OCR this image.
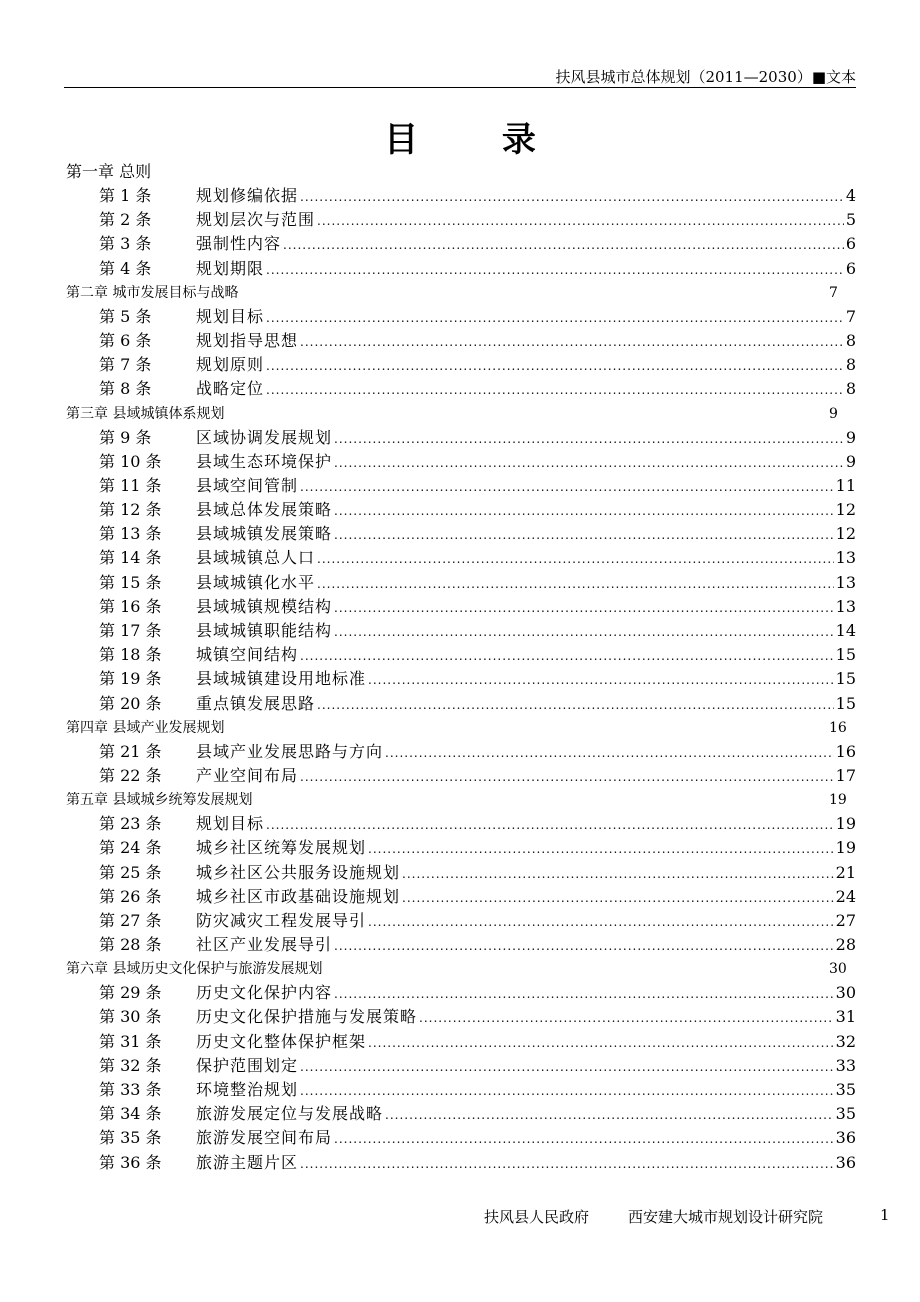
扶风县城市总体规划（2011—2030）■文本
目 录
第一章 总则
第 1 条	规划修编依据 .....	4
第 2 条	规划层次与范围 .....	5
第 3 条	强制性内容 .....	6
第 4 条	规划期限 .....	6
第二章 城市发展目标与战略	7
第 5 条	规划目标 .....	7
第 6 条	规划指导思想 .....	8
第 7 条	规划原则 .....	8
第 8 条	战略定位 .....	8
第三章 县域城镇体系规划	9
第 9 条	区域协调发展规划 .....	9
第 10 条 县域生态环境保护 .....	9
第 11 条 县域空间管制 .....	11
第 12 条 县域总体发展策略 .....	12
第 13 条 县域城镇发展策略 .....	12
第 14 条 县域城镇总人口 .....	13
第 15 条 县域城镇化水平 .....	13
第 16 条 县域城镇规模结构 .....	13
第 17 条 县域城镇职能结构 .....	14
第 18 条 城镇空间结构 .....	15
第 19 条 县域城镇建设用地标准 .....	15
第 20 条 重点镇发展思路 .....	15
第四章 县域产业发展规划	16
第 21 条 县域产业发展思路与方向 .....	16
第 22 条 产业空间布局 .....	17
第五章 县域城乡统筹发展规划	19
第 23 条 规划目标 .....	19
第 24 条 城乡社区统筹发展规划 .....	19
第 25 条 城乡社区公共服务设施规划 .....	21
第 26 条 城乡社区市政基础设施规划 .....	24
第 27 条 防灾减灾工程发展导引 .....	27
第 28 条 社区产业发展导引 .....	28
第六章 县域历史文化保护与旅游发展规划	30
第 29 条 历史文化保护内容 .....	30
第 30 条 历史文化保护措施与发展策略 .....	31
第 31 条 历史文化整体保护框架 .....	32
第 32 条 保护范围划定 .....	33
第 33 条 环境整治规划 .....	35
第 34 条 旅游发展定位与发展战略 .....	35
第 35 条 旅游发展空间布局 .....	36
第 36 条 旅游主题片区 .....	36
扶风县人民政府	西安建大城市规划设计研究院	1
